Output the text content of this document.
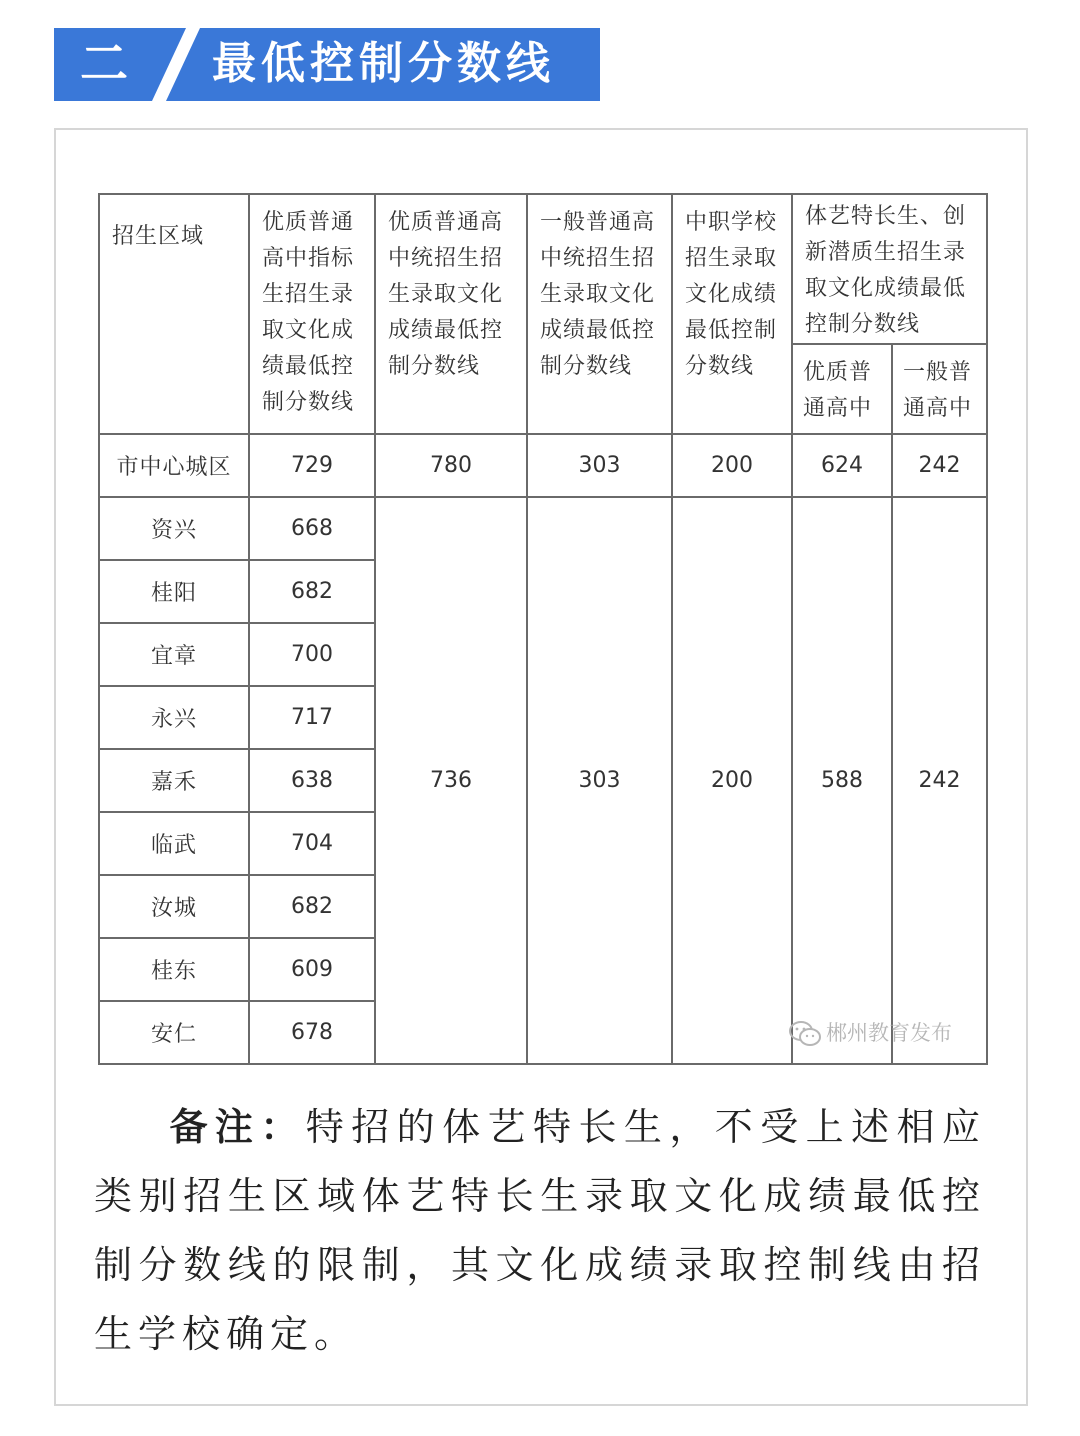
二	最低控制分数线
招生区域	优质普通高中指标生招生录取文化成绩最低控制分数线	优质普通高中统招生招生录取文化成绩最低控制分数线	一般普通高中统招生招生录取文化成绩最低控制分数线	中职学校招生录取文化成绩最低控制分数线	体艺特长生、创新潜质生招生录取文化成绩最低控制分数线	
					优质普通高中	一般普通高中
市中心城区	729	780	303	200	624	242
资兴	668	736	303	200	588	242
桂阳	682					
宜章	700					
永兴	717					
嘉禾	638					
临武	704					
汝城	682					
桂东	609					
安仁	678						郴州教育发布
备注：特招的体艺特长生，不受上述相应类别招生区域体艺特长生录取文化成绩最低控制分数线的限制，其文化成绩录取控制线由招生学校确定。
